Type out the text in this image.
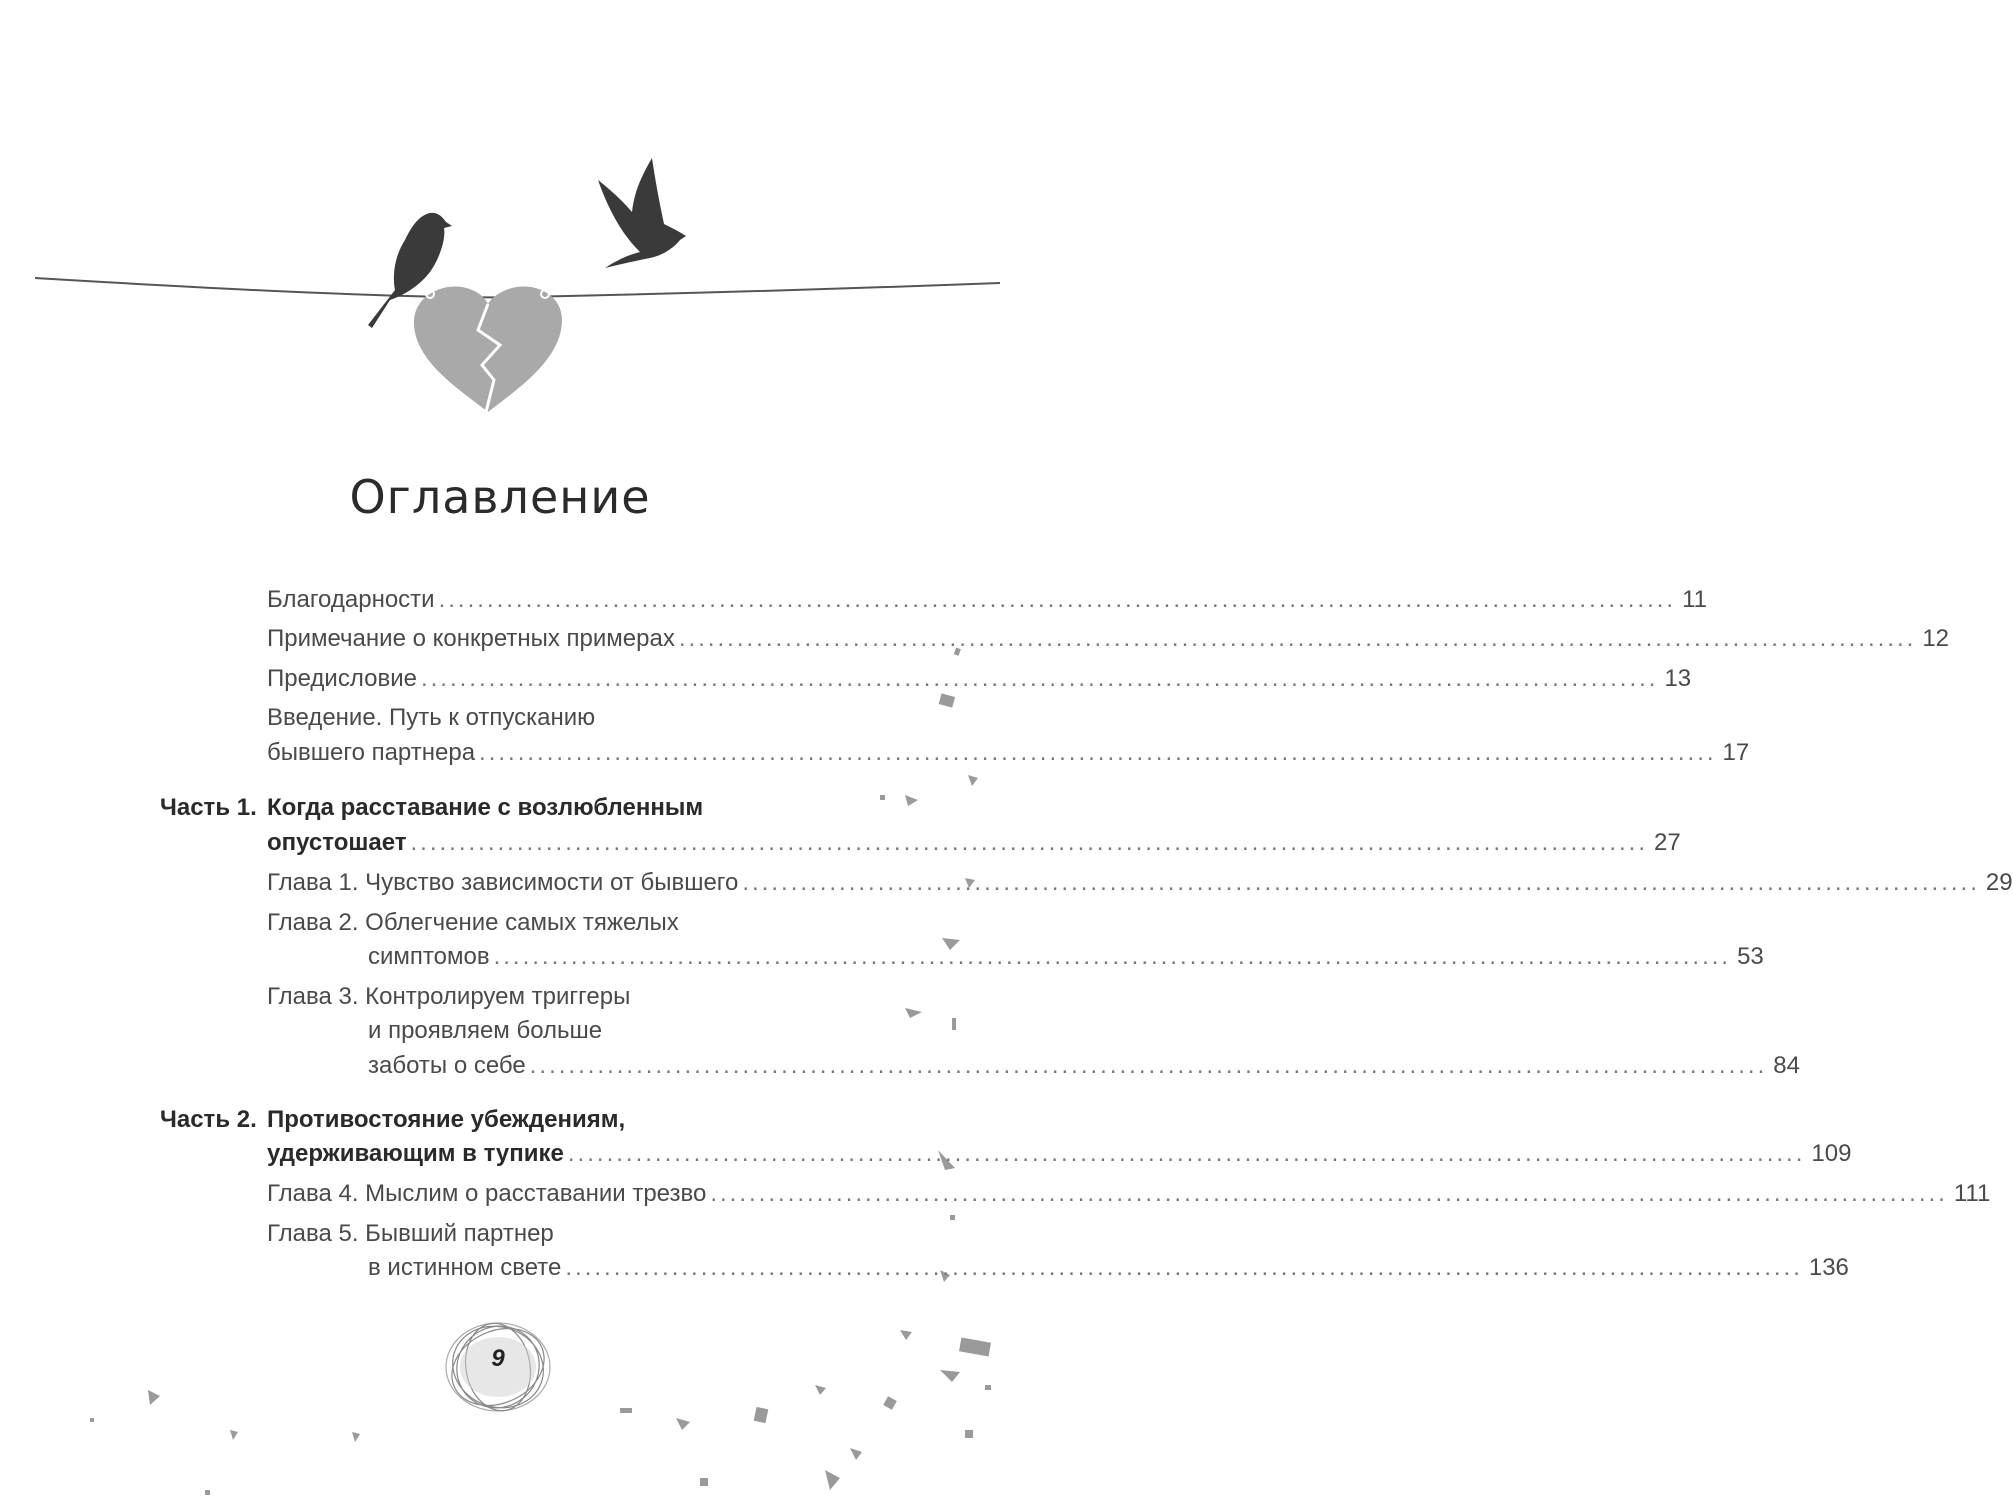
Оглавление
Благодарности ................................................................................................................................ 11
Примечание о конкретных примерах ................................................................................................................................ 12
Предисловие ................................................................................................................................ 13
Введение. Путь к отпусканию
бывшего партнера ................................................................................................................................ 17
Часть 1. Когда расставание с возлюбленным
опустошает ................................................................................................................................ 27
Глава 1. Чувство зависимости от бывшего ................................................................................................................................ 29
Глава 2. Облегчение самых тяжелых
симптомов ................................................................................................................................ 53
Глава 3. Контролируем триггеры
и проявляем больше
заботы о себе ................................................................................................................................ 84
Часть 2. Противостояние убеждениям,
удерживающим в тупике ................................................................................................................................ 109
Глава 4. Мыслим о расставании трезво ................................................................................................................................ 111
Глава 5. Бывший партнер
в истинном свете ................................................................................................................................ 136
9
